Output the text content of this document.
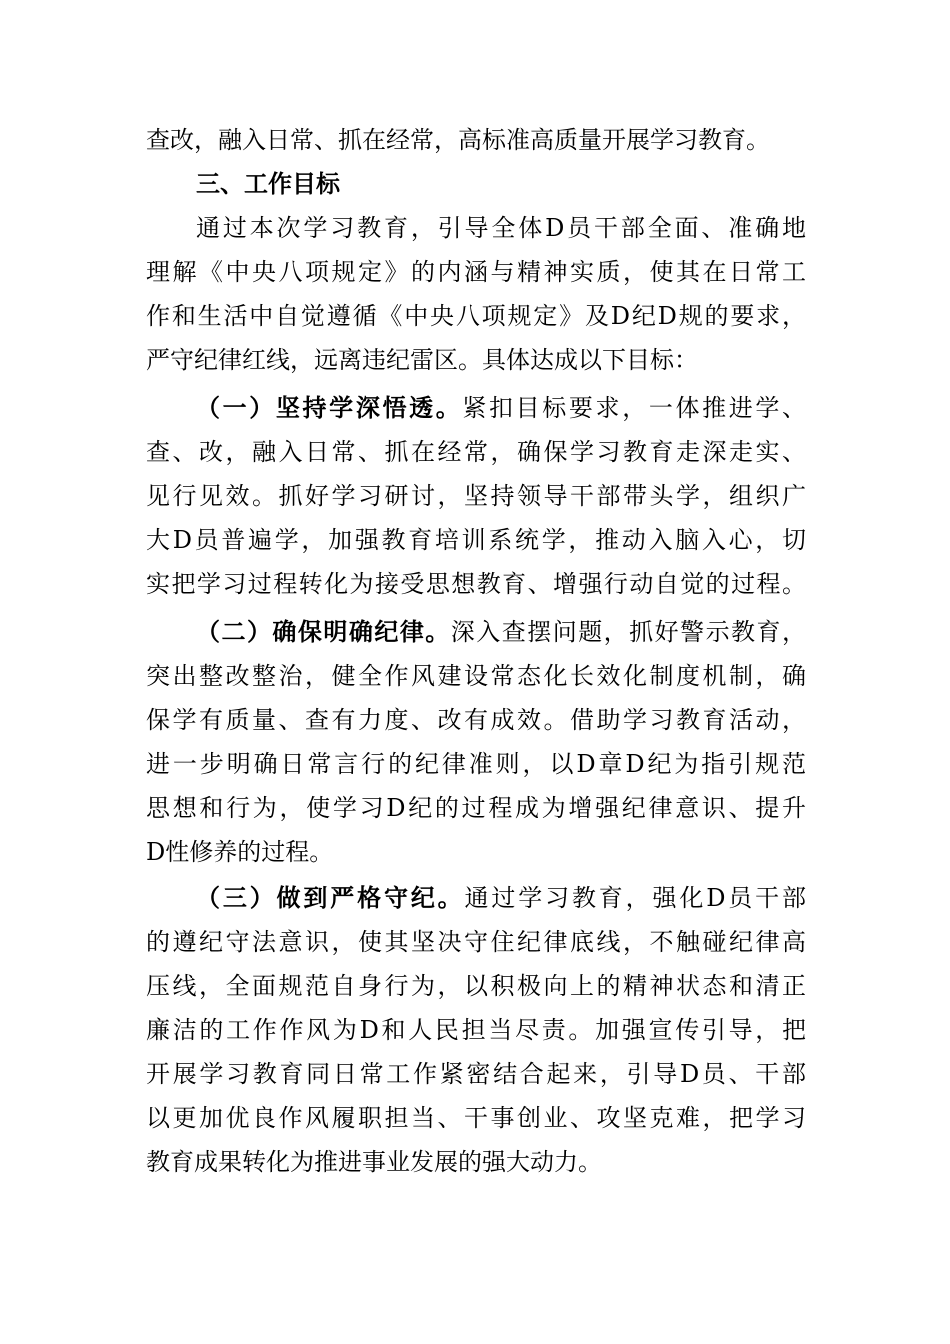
查改，融入日常、抓在经常，高标准高质量开展学习教育。
三、工作目标
通过本次学习教育，引导全体D员干部全面、准确地
理解《中央八项规定》的内涵与精神实质，使其在日常工
作和生活中自觉遵循《中央八项规定》及D纪D规的要求，
严守纪律红线，远离违纪雷区。具体达成以下目标：
（一）坚持学深悟透。紧扣目标要求，一体推进学、
查、改，融入日常、抓在经常，确保学习教育走深走实、
见行见效。抓好学习研讨，坚持领导干部带头学，组织广
大D员普遍学，加强教育培训系统学，推动入脑入心，切
实把学习过程转化为接受思想教育、增强行动自觉的过程。
（二）确保明确纪律。深入查摆问题，抓好警示教育，
突出整改整治，健全作风建设常态化长效化制度机制，确
保学有质量、查有力度、改有成效。借助学习教育活动，
进一步明确日常言行的纪律准则，以D章D纪为指引规范
思想和行为，使学习D纪的过程成为增强纪律意识、提升
D性修养的过程。
（三）做到严格守纪。通过学习教育，强化D员干部
的遵纪守法意识，使其坚决守住纪律底线，不触碰纪律高
压线，全面规范自身行为，以积极向上的精神状态和清正
廉洁的工作作风为D和人民担当尽责。加强宣传引导，把
开展学习教育同日常工作紧密结合起来，引导D员、干部
以更加优良作风履职担当、干事创业、攻坚克难，把学习
教育成果转化为推进事业发展的强大动力。
